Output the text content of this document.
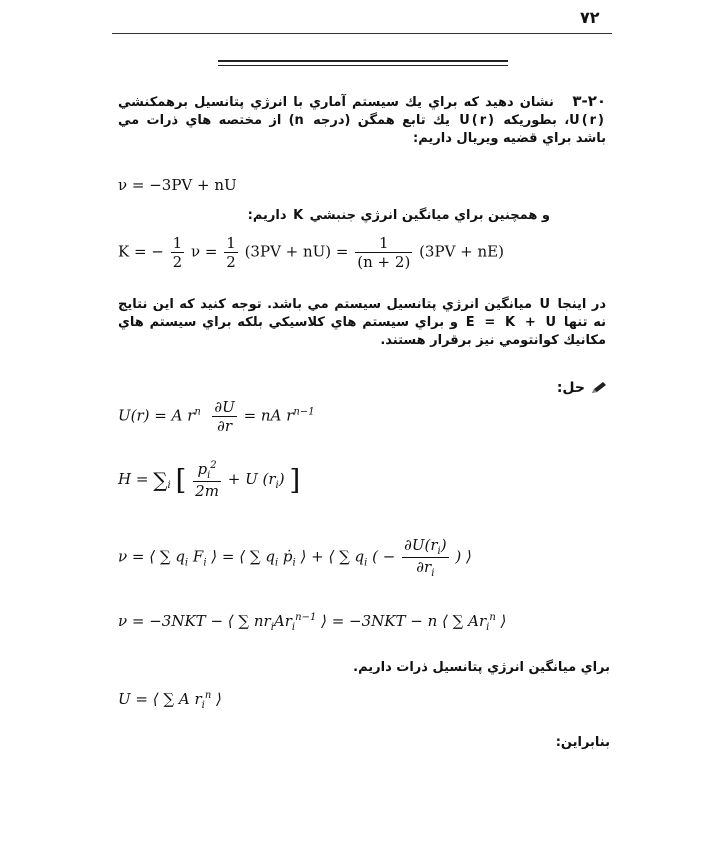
۷۲
۳-۲۰   نشان دهيد كه براي يك سيستم آماري با انرژي پتانسيل برهمكنشي U(r)، بطوريكه U(r) يك تابع همگن (درجه n) از مختصه هاي ذرات مي باشد براي قضيه ويريال داريم:
ν = −3PV + nU
و همچنين براي ميانگين انرژي جنبشي K داريم:
K = − $\frac{1}{2}$ $\nu = \frac{1}{2} (3PV + nU) = \frac{1}{(n + 2)} (3PV + nE)$
در اينجا U ميانگين انرژي پتانسيل سيستم مي باشد. توجه كنيد كه اين نتايج نه تنها E = K + U و براي سيستم هاي كلاسيكي بلكه براي سيستم هاي مكانيك كوانتومي نيز برقرار هستند.
حل:
U(r) = A $r^n \frac{\partial U}{\partial r}$ = nA $r^{n-1}$
$H = \sum_i$ [ $\frac{p_i^2}{2m} + U$ $(r_i)$ ]
ν = ⟨ ∑ $q_i$ $F_i$ ⟩ = ⟨ ∑ $q_i$ ṗ$_i$ ⟩ + ⟨ ∑ $q_i$ ( − $\frac{\partial U(r_i)}{\partial r_i}$ ) ⟩
ν = −3NKT − ⟨ ∑ $nr_iAr_i^{n-1}$ ⟩ = −3NKT − n ⟨ ∑ $Ar_i^n$ ⟩
براي ميانگين انرژي پتانسيل ذرات داريم.
U = ⟨ ∑ A $r_i^n$ ⟩
بنابراين:
